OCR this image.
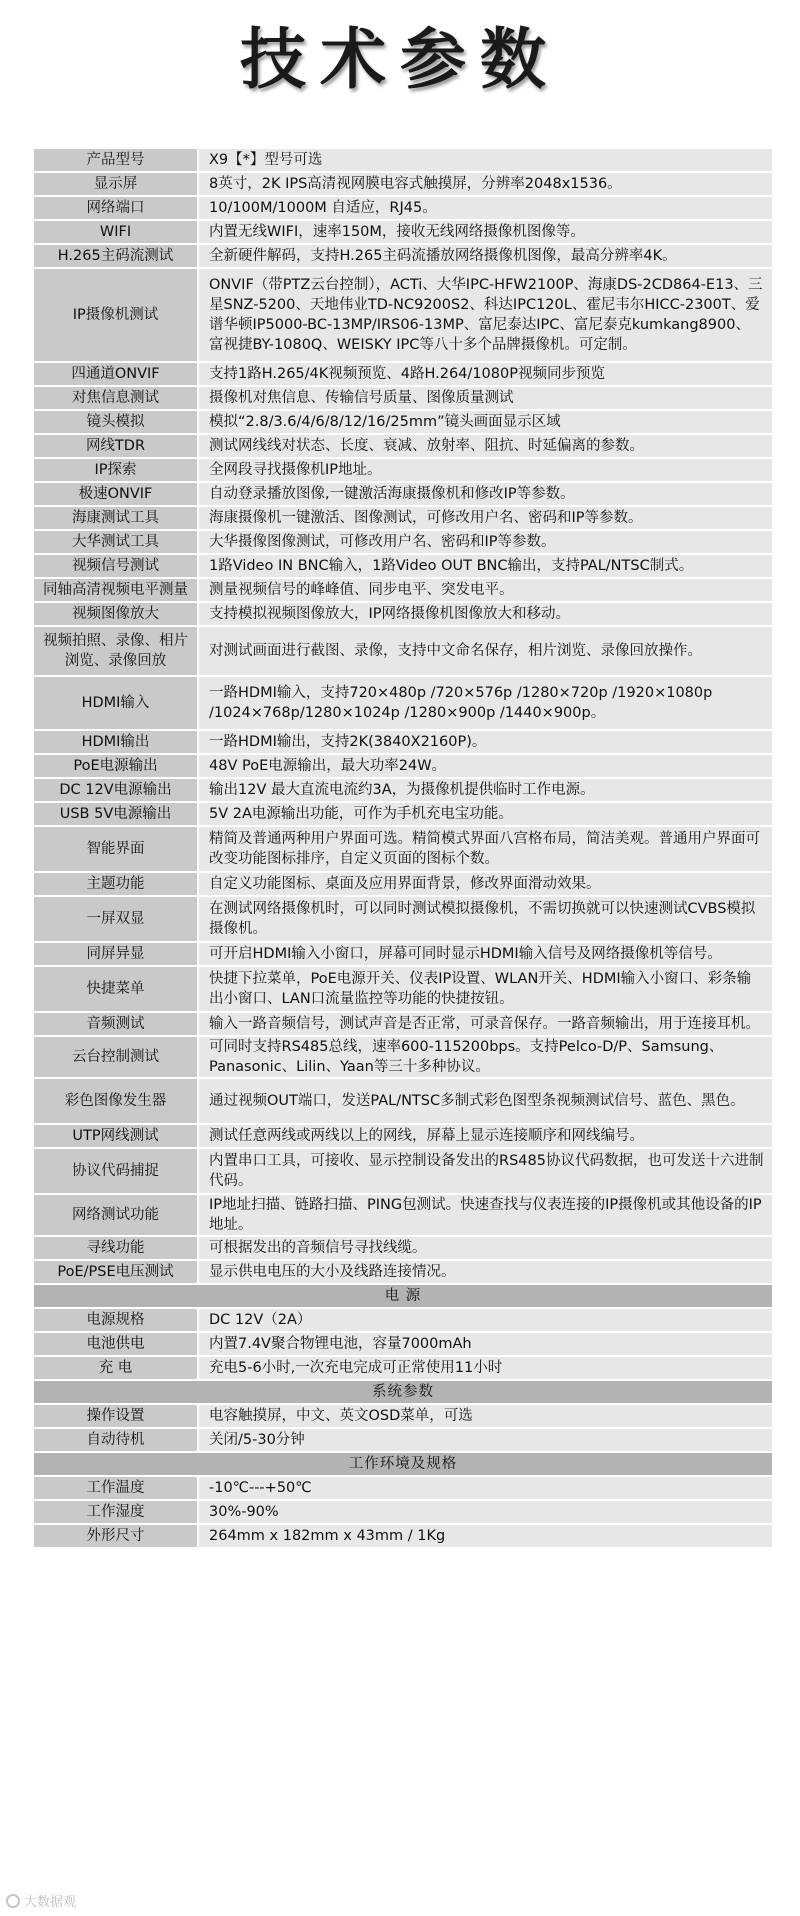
技术参数
产品型号	X9【*】型号可选
显示屏	8英寸，2K IPS高清视网膜电容式触摸屏，分辨率2048x1536。
网络端口	10/100M/1000M 自适应，RJ45。
WIFI	内置无线WIFI，速率150M，接收无线网络摄像机图像等。
H.265主码流测试	全新硬件解码，支持H.265主码流播放网络摄像机图像，最高分辨率4K。
IP摄像机测试	ONVIF（带PTZ云台控制），ACTi、大华IPC-HFW2100P、海康DS-2CD864-E13、三星SNZ-5200、天地伟业TD-NC9200S2、科达IPC120L、霍尼韦尔HICC-2300T、爱谱华顿IP5000-BC-13MP/IRS06-13MP、富尼泰达IPC、富尼泰克kumkang8900、富视捷BY-1080Q、WEISKY IPC等八十多个品牌摄像机。可定制。
四通道ONVIF	支持1路H.265/4K视频预览、4路H.264/1080P视频同步预览
对焦信息测试	摄像机对焦信息、传输信号质量、图像质量测试
镜头模拟	模拟“2.8/3.6/4/6/8/12/16/25mm”镜头画面显示区域
网线TDR	测试网线线对状态、长度、衰减、放射率、阻抗、时延偏离的参数。
IP探索	全网段寻找摄像机IP地址。
极速ONVIF	自动登录播放图像,一键激活海康摄像机和修改IP等参数。
海康测试工具	海康摄像机一键激活、图像测试，可修改用户名、密码和IP等参数。
大华测试工具	大华摄像图像测试，可修改用户名、密码和IP等参数。
视频信号测试	1路Video IN BNC输入，1路Video OUT BNC输出，支持PAL/NTSC制式。
同轴高清视频电平测量	测量视频信号的峰峰值、同步电平、突发电平。
视频图像放大	支持模拟视频图像放大，IP网络摄像机图像放大和移动。
视频拍照、录像、相片浏览、录像回放	对测试画面进行截图、录像，支持中文命名保存，相片浏览、录像回放操作。
HDMI输入	一路HDMI输入，支持720×480p /720×576p /1280×720p /1920×1080p /1024×768p/1280×1024p /1280×900p /1440×900p。
HDMI输出	一路HDMI输出，支持2K(3840X2160P)。
PoE电源输出	48V PoE电源输出，最大功率24W。
DC 12V电源输出	输出12V 最大直流电流约3A，为摄像机提供临时工作电源。
USB 5V电源输出	5V 2A电源输出功能，可作为手机充电宝功能。
智能界面	精简及普通两种用户界面可选。精简模式界面八宫格布局，简洁美观。普通用户界面可改变功能图标排序，自定义页面的图标个数。
主题功能	自定义功能图标、桌面及应用界面背景，修改界面滑动效果。
一屏双显	在测试网络摄像机时，可以同时测试模拟摄像机，不需切换就可以快速测试CVBS模拟摄像机。
同屏异显	可开启HDMI输入小窗口，屏幕可同时显示HDMI输入信号及网络摄像机等信号。
快捷菜单	快捷下拉菜单，PoE电源开关、仪表IP设置、WLAN开关、HDMI输入小窗口、彩条输出小窗口、LAN口流量监控等功能的快捷按钮。
音频测试	输入一路音频信号，测试声音是否正常，可录音保存。一路音频输出，用于连接耳机。
云台控制测试	可同时支持RS485总线，速率600-115200bps。支持Pelco-D/P、Samsung、Panasonic、Lilin、Yaan等三十多种协议。
彩色图像发生器	通过视频OUT端口，发送PAL/NTSC多制式彩色图型条视频测试信号、蓝色、黑色。
UTP网线测试	测试任意两线或两线以上的网线，屏幕上显示连接顺序和网线编号。
协议代码捕捉	内置串口工具，可接收、显示控制设备发出的RS485协议代码数据，也可发送十六进制代码。
网络测试功能	IP地址扫描、链路扫描、PING包测试。快速查找与仪表连接的IP摄像机或其他设备的IP地址。
寻线功能	可根据发出的音频信号寻找线缆。
PoE/PSE电压测试	显示供电电压的大小及线路连接情况。
电 源	
电源规格	DC 12V（2A）
电池供电	内置7.4V聚合物锂电池，容量7000mAh
充 电	充电5-6小时,一次充电完成可正常使用11小时
系统参数	
操作设置	电容触摸屏，中文、英文OSD菜单，可选
自动待机	关闭/5-30分钟
工作环境及规格	
工作温度	-10℃---+50℃
工作湿度	30%-90%
外形尺寸	264mm x 182mm x 43mm / 1Kg
大数据观
